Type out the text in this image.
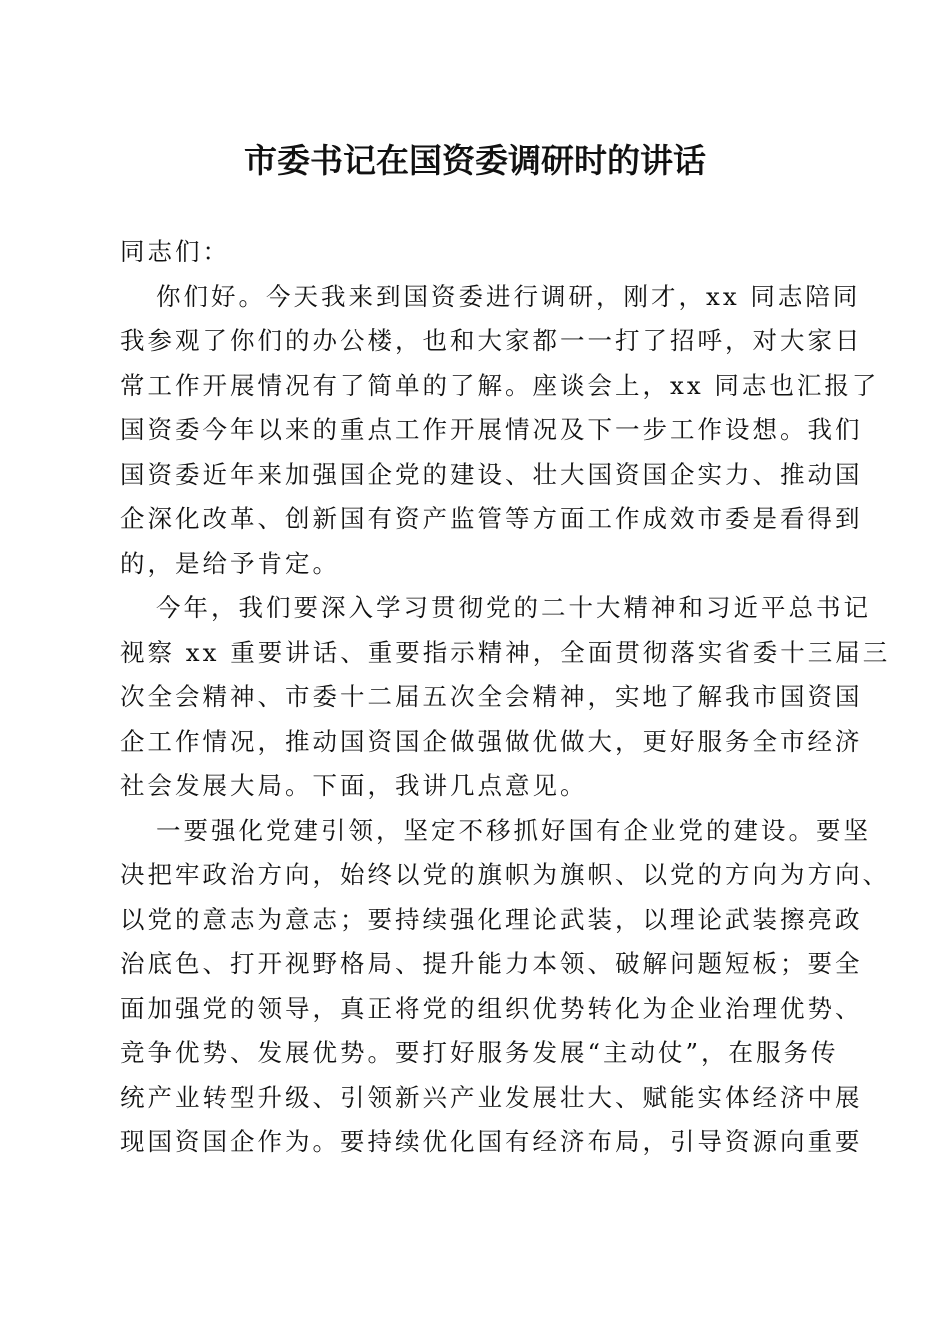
市委书记在国资委调研时的讲话
同志们：
你们好。今天我来到国资委进行调研，刚才，xx 同志陪同
我参观了你们的办公楼，也和大家都一一打了招呼，对大家日
常工作开展情况有了简单的了解。座谈会上，xx 同志也汇报了
国资委今年以来的重点工作开展情况及下一步工作设想。我们
国资委近年来加强国企党的建设、壮大国资国企实力、推动国
企深化改革、创新国有资产监管等方面工作成效市委是看得到
的，是给予肯定。
今年，我们要深入学习贯彻党的二十大精神和习近平总书记
视察 xx 重要讲话、重要指示精神，全面贯彻落实省委十三届三
次全会精神、市委十二届五次全会精神，实地了解我市国资国
企工作情况，推动国资国企做强做优做大，更好服务全市经济
社会发展大局。下面，我讲几点意见。
一要强化党建引领，坚定不移抓好国有企业党的建设。要坚
决把牢政治方向，始终以党的旗帜为旗帜、以党的方向为方向、
以党的意志为意志；要持续强化理论武装，以理论武装擦亮政
治底色、打开视野格局、提升能力本领、破解问题短板；要全
面加强党的领导，真正将党的组织优势转化为企业治理优势、
竞争优势、发展优势。要打好服务发展“主动仗”，在服务传
统产业转型升级、引领新兴产业发展壮大、赋能实体经济中展
现国资国企作为。要持续优化国有经济布局，引导资源向重要
